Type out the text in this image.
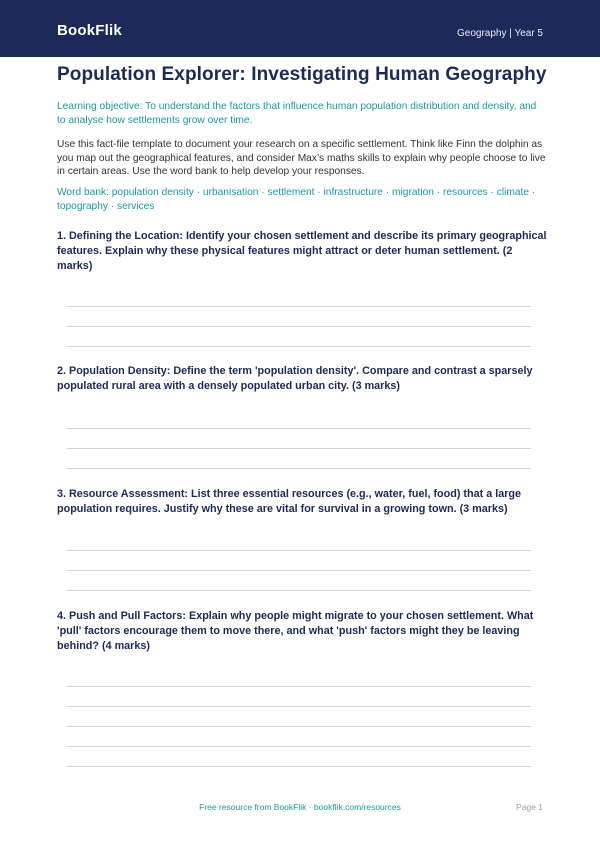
BookFlik	Geography | Year 5
Population Explorer: Investigating Human Geography
Learning objective: To understand the factors that influence human population distribution and density, and to analyse how settlements grow over time.
Use this fact-file template to document your research on a specific settlement. Think like Finn the dolphin as you map out the geographical features, and consider Max’s maths skills to explain why people choose to live in certain areas. Use the word bank to help develop your responses.
Word bank: population density · urbanisation · settlement · infrastructure · migration · resources · climate · topography · services
1. Defining the Location: Identify your chosen settlement and describe its primary geographical features. Explain why these physical features might attract or deter human settlement. (2 marks)
2. Population Density: Define the term 'population density'. Compare and contrast a sparsely populated rural area with a densely populated urban city. (3 marks)
3. Resource Assessment: List three essential resources (e.g., water, fuel, food) that a large population requires. Justify why these are vital for survival in a growing town. (3 marks)
4. Push and Pull Factors: Explain why people might migrate to your chosen settlement. What 'pull' factors encourage them to move there, and what 'push' factors might they be leaving behind? (4 marks)
Free resource from BookFlik · bookflik.com/resources	Page 1
